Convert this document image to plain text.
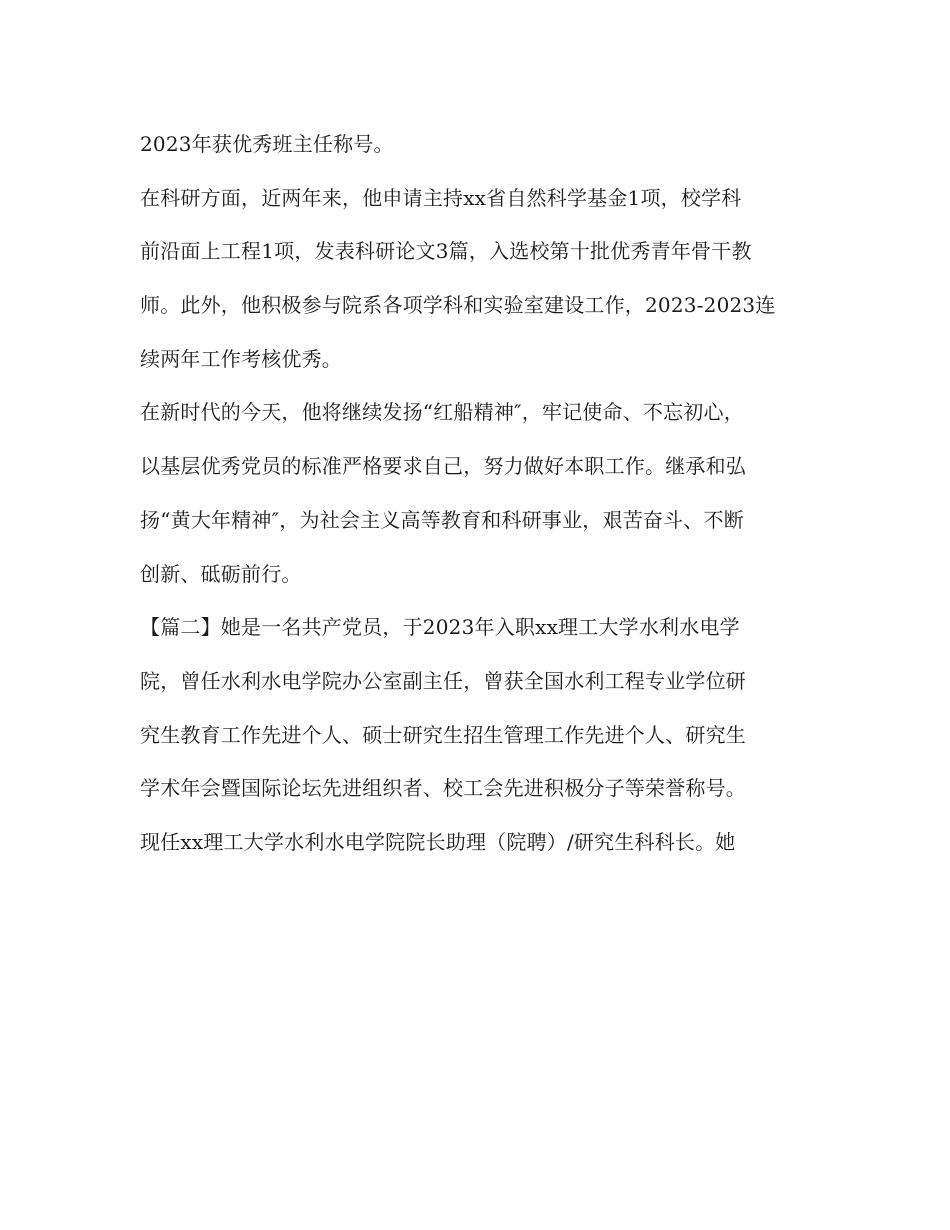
2023年获优秀班主任称号。
在科研方面，近两年来，他申请主持xx省自然科学基金1项，校学科
前沿面上工程1项，发表科研论文3篇，入选校第十批优秀青年骨干教
师。此外，他积极参与院系各项学科和实验室建设工作，2023-2023连
续两年工作考核优秀。
在新时代的今天，他将继续发扬“红船精神″，牢记使命、不忘初心，
以基层优秀党员的标准严格要求自己，努力做好本职工作。继承和弘
扬“黄大年精神″，为社会主义高等教育和科研事业，艰苦奋斗、不断
创新、砥砺前行。
【篇二】她是一名共产党员，于2023年入职xx理工大学水利水电学
院，曾任水利水电学院办公室副主任，曾获全国水利工程专业学位研
究生教育工作先进个人、硕士研究生招生管理工作先进个人、研究生
学术年会暨国际论坛先进组织者、校工会先进积极分子等荣誉称号。
现任xx理工大学水利水电学院院长助理（院聘）/研究生科科长。她
